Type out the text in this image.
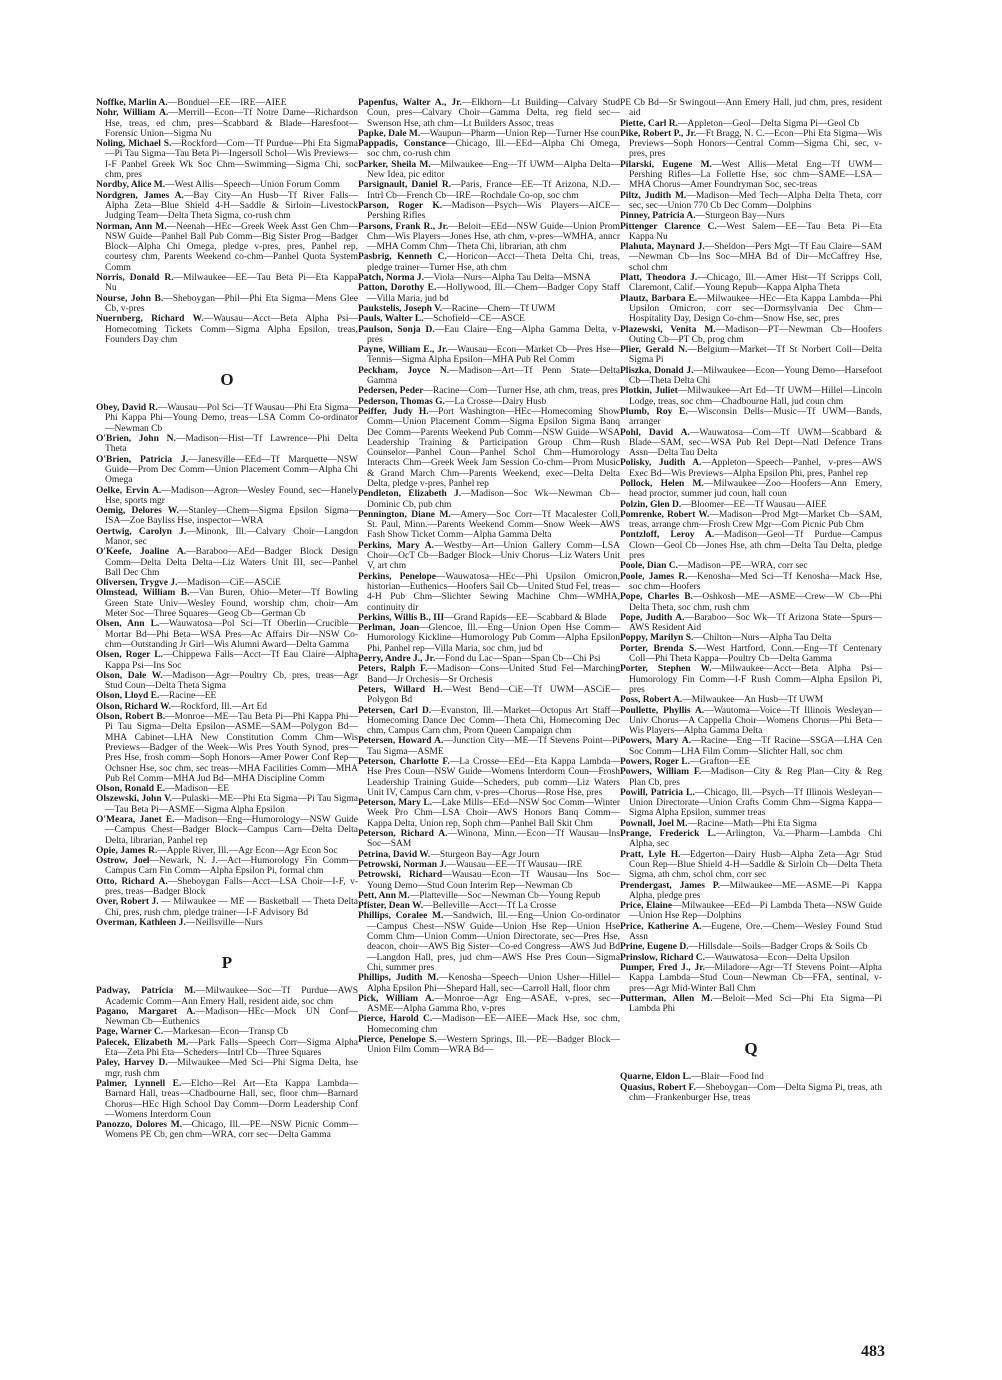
Noffke, Marlin A.—Bonduel—EE—IRE—AIEE

Nohr, William A.—Merrill—Econ—Tf Notre Dame—Richardson Hse, treas, ed chm, pres—Scabbard & Blade—Haresfoot—Forensic Union—Sigma Nu

Noling, Michael S.—Rockford—Com—Tf Purdue—Phi Eta Sigma—Pi Tau Sigma—Tau Beta Pi—Ingersoll Schol—Wis Previews—I-F Panhel Greek Wk Soc Chm—Swimming—Sigma Chi, soc chm, pres

Nordby, Alice M.—West Allis—Speech—Union Forum Comm

Nordgren, James A.—Bay City—An Husb—Tf River Falls—Alpha Zeta—Blue Shield 4-H—Saddle & Sirloin—Livestock Judging Team—Delta Theta Sigma, co-rush chm

Norman, Ann M.—Neenah—HEc—Greek Week Asst Gen Chm—NSW Guide—Panhel Ball Pub Comm—Big Sister Prog—Badger Block—Alpha Chi Omega, pledge v-pres, pres, Panhel rep, courtesy chm, Parents Weekend co-chm—Panhel Quota System Comm

Norris, Donald R.—Milwaukee—EE—Tau Beta Pi—Eta Kappa Nu

Nourse, John B.—Sheboygan—Phil—Phi Eta Sigma—Mens Glee Cb, v-pres

Nuernberg, Richard W.—Wausau—Acct—Beta Alpha Psi—Homecoming Tickets Comm—Sigma Alpha Epsilon, treas, Founders Day chm

O

Obey, David R.—Wausau—Pol Sci—Tf Wausau—Phi Eta Sigma—Phi Kappa Phi—Young Demo, treas—LSA Comm Co-ordinator—Newman Cb

O'Brien, John N.—Madison—Hist—Tf Lawrence—Phi Delta Theta

O'Brien, Patricia J.—Janesville—EEd—Tf Marquette—NSW Guide—Prom Dec Comm—Union Placement Comm—Alpha Chi Omega

Oelke, Ervin A.—Madison—Agron—Wesley Found, sec—Hanely Hse, sports mgr

Oemig, Delores W.—Stanley—Chem—Sigma Epsilon Sigma—ISA—Zoe Bayliss Hse, inspector—WRA

Oertwig, Carolyn J.—Minonk, Ill.—Calvary Choir—Langdon Manor, sec

O'Keefe, Joaline A.—Baraboo—AEd—Badger Block Design Comm—Delta Delta Delta—Liz Waters Unit III, sec—Panhel Ball Dec Chm

Oliversen, Trygve J.—Madison—CiE—ASCiE

Olmstead, William B.—Van Buren, Ohio—Meter—Tf Bowling Green State Univ—Wesley Found, worship chm, choir—Am Meter Soc—Three Squares—Geog Cb—German Cb

Olsen, Ann L.—Wauwatosa—Pol Sci—Tf Oberlin—Crucible—Mortar Bd—Phi Beta—WSA Pres—Ac Affairs Dir—NSW Co-chm—Outstanding Jr Girl—Wis Alumni Award—Delta Gamma

Olsen, Roger L.—Chippewa Falls—Acct—Tf Eau Claire—Alpha Kappa Psi—Ins Soc

Olson, Dale W.—Madison—Agr—Poultry Cb, pres, treas—Agr Stud Coun—Delta Theta Sigma

Olson, Lloyd E.—Racine—EE

Olson, Richard W.—Rockford, Ill.—Art Ed

Olson, Robert B.—Monroe—ME—Tau Beta Pi—Phi Kappa Phi—Pi Tau Sigma—Delta Epsilon—ASME—SAM—Polygon Bd—MHA Cabinet—LHA New Constitution Comm Chm—Wis Previews—Badger of the Week—Wis Pres Youth Synod, pres—Pres Hse, frosh comm—Soph Honors—Amer Power Conf Rep—Ochsner Hse, soc chm, sec treas—MHA Facilities Comm—MHA Pub Rel Comm—MHA Jud Bd—MHA Discipline Comm

Olson, Ronald E.—Madison—EE

Olszewski, John V.—Pulaski—ME—Phi Eta Sigma—Pi Tau Sigma—Tau Beta Pi—ASME—Sigma Alpha Epsilon

O'Meara, Janet E.—Madison—Eng—Humorology—NSW Guide—Campus Chest—Badger Block—Campus Carn—Delta Delta Delta, librarian, Panhel rep

Opie, James R.—Apple River, Ill.—Agr Econ—Agr Econ Soc

Ostrow, Joel—Newark, N. J.—Act—Humorology Fin Comm—Campus Carn Fin Comm—Alpha Epsilon Pi, formal chm

Otto, Richard A.—Sheboygan Falls—Acct—LSA Choir—I-F, v-pres, treas—Badger Block

Over, Robert J. — Milwaukee — ME — Basketball — Theta Delta Chi, pres, rush chm, pledge trainer—I-F Advisory Bd

Overman, Kathleen J.—Neillsville—Nurs

P

Padway, Patricia M.—Milwaukee—Soc—Tf Purdue—AWS Academic Comm—Ann Emery Hall, resident aide, soc chm

Pagano, Margaret A.—Madison—HEc—Mock UN Conf—Newman Cb—Euthenics

Page, Warner C.—Markesan—Econ—Transp Cb

Palecek, Elizabeth M.—Park Falls—Speech Corr—Sigma Alpha Eta—Zeta Phi Eta—Scheders—Intrl Cb—Three Squares

Paley, Harvey D.—Milwaukee—Med Sci—Phi Sigma Delta, hse mgr, rush chm

Palmer, Lynnell E.—Elcho—Rel Art—Eta Kappa Lambda—Barnard Hall, treas—Chadbourne Hall, sec, floor chm—Barnard Chorus—HEc High School Day Comm—Dorm Leadership Conf—Womens Interdorm Coun

Panozzo, Dolores M.—Chicago, Ill.—PE—NSW Picnic Comm—Womens PE Cb, gen chm—WRA, corr sec—Delta Gamma

Papenfus, Walter A., Jr.—Elkhorn—Lt Building—Calvary Stud Coun, pres—Calvary Choir—Gamma Delta, reg field sec—Swenson Hse, ath chm—Lt Builders Assoc, treas

Papke, Dale M.—Waupun—Pharm—Union Rep—Turner Hse coun

Pappadis, Constance—Chicago, Ill.—EEd—Alpha Chi Omega, soc chm, co-rush chm

Parker, Sheila M.—Milwaukee—Eng—Tf UWM—Alpha Delta—New Idea, pic editor

Parsignault, Daniel R.—Paris, France—EE—Tf Arizona, N.D.—Intrl Cb—French Cb—IRE—Rochdale Co-op, soc chm

Parson, Roger K.—Madison—Psych—Wis Players—AICE—Pershing Rifles

Parsons, Frank R., Jr.—Beloit—EEd—NSW Guide—Union Prom Chm—Wis Players—Jones Hse, ath chm, v-pres—WMHA, anncr—MHA Comm Chm—Theta Chi, librarian, ath chm

Pasbrig, Kenneth C.—Horicon—Acct—Theta Delta Chi, treas, pledge trainer—Turner Hse, ath chm

Patch, Norma J.—Viola—Nurs—Alpha Tau Delta—MSNA

Patton, Dorothy E.—Hollywood, Ill.—Chem—Badger Copy Staff—Villa Maria, jud bd

Paukstelis, Joseph V.—Racine—Chem—Tf UWM

Pauls, Walter L.—Schofield—CE—ASCE

Paulson, Sonja D.—Eau Claire—Eng—Alpha Gamma Delta, v-pres

Payne, William E., Jr.—Wausau—Econ—Market Cb—Pres Hse—Tennis—Sigma Alpha Epsilon—MHA Pub Rel Comm

Peckham, Joyce N.—Madison—Art—Tf Penn State—Delta Gamma

Pedersen, Peder—Racine—Com—Turner Hse, ath chm, treas, pres

Pederson, Thomas G.—La Crosse—Dairy Husb

Peiffer, Judy H.—Port Washington—HEc—Homecoming Show Comm—Union Placement Comm—Sigma Epsilon Sigma Banq Dec Comm—Parents Weekend Pub Comm—NSW Guide—WSA Leadership Training & Participation Group Chm—Rush Counselor—Panhel Coun—Panhel Schol Chm—Humorology Interacts Chm—Greek Week Jam Session Co-chm—Prom Music & Grand March Chm—Parents Weekend, exec—Delta Delta Delta, pledge v-pres, Panhel rep

Pendleton, Elizabeth J.—Madison—Soc Wk—Newman Cb—Dominic Cb, pub chm

Pennington, Diane M.—Amery—Soc Corr—Tf Macalester Coll, St. Paul, Minn.—Parents Weekend Comm—Snow Week—AWS Fash Show Ticket Comm—Alpha Gamma Delta

Perkins, Mary A.—Westby—Art—Union Gallery Comm—LSA Choir—OcT Cb—Badger Block—Univ Chorus—Liz Waters Unit V, art chm

Perkins, Penelope—Wauwatosa—HEc—Phi Upsilon Omicron, historian—Euthenics—Hoofers Sail Cb—United Stud Fel, treas—4-H Pub Chm—Slichter Sewing Machine Chm—WMHA, continuity dir

Perkins, Willis B., III—Grand Rapids—EE—Scabbard & Blade

Perlman, Joan—Glencoe, Ill.—Eng—Union Open Hse Comm—Humorology Kickline—Humorology Pub Comm—Alpha Epsilon Phi, Panhel rep—Villa Maria, soc chm, jud bd

Perry, Andre J., Jr.—Fond du Lac—Span—Span Cb—Chi Psi

Peters, Ralph F.—Madison—Cons—United Stud Fel—Marching Band—Jr Orchesis—Sr Orchesis

Peters, Willard H.—West Bend—CiE—Tf UWM—ASCiE—Polygon Bd

Petersen, Carl D.—Evanston, Ill.—Market—Octopus Art Staff—Homecoming Dance Dec Comm—Theta Chi, Homecoming Dec chm, Campus Carn chm, Prom Queen Campaign chm

Petersen, Howard A.—Junction City—ME—Tf Stevens Point—Pi Tau Sigma—ASME

Peterson, Charlotte F.—La Crosse—EEd—Eta Kappa Lambda—Hse Pres Coun—NSW Guide—Womens Interdorm Coun—Frosh Leadership Training Guide—Scheders, pub comm—Liz Waters Unit IV, Campus Carn chm, v-pres—Chorus—Rose Hse, pres

Peterson, Mary L.—Lake Mills—EEd—NSW Soc Comm—Winter Week Pro Chm—LSA Choir—AWS Honors Banq Comm—Kappa Delta, Union rep, Soph chm—Panhel Ball Skit Chm

Peterson, Richard A.—Winona, Minn.—Econ—Tf Wausau—Ins Soc—SAM

Petrina, David W.—Sturgeon Bay—Agr Journ

Petrowski, Norman J.—Wausau—EE—Tf Wausau—IRE

Petrowski, Richard—Wausau—Econ—Tf Wausau—Ins Soc—Young Demo—Stud Coun Interim Rep—Newman Cb

Pett, Ann M.—Platteville—Soc—Newman Cb—Young Repub

Pfister, Dean W.—Belleville—Acct—Tf La Crosse

Phillips, Coralee M.—Sandwich, Ill.—Eng—Union Co-ordinator—Campus Chest—NSW Guide—Union Hse Rep—Union Hse Comm Chm—Union Comm—Union Directorate, sec—Pres Hse, deacon, choir—AWS Big Sister—Co-ed Congress—AWS Jud Bd—Langdon Hall, pres, jud chm—AWS Hse Pres Coun—Sigma Chi, summer pres

Phillips, Judith M.—Kenosha—Speech—Union Usher—Hillel—Alpha Epsilon Phi—Shepard Hall, sec—Carroll Hall, floor chm

Pick, William A.—Monroe—Agr Eng—ASAE, v-pres, sec—ASME—Alpha Gamma Rho, v-pres

Pierce, Harold C.—Madison—EE—AIEE—Mack Hse, soc chm, Homecoming chm

Pierce, Penelope S.—Western Springs, Ill.—PE—Badger Block—Union Film Comm—WRA Bd—

PE Cb Bd—Sr Swingout—Ann Emery Hall, jud chm, pres, resident aid

Piette, Carl R.—Appleton—Geol—Delta Sigma Pi—Geol Cb

Pike, Robert P., Jr.—Ft Bragg, N. C.—Econ—Phi Eta Sigma—Wis Previews—Soph Honors—Central Comm—Sigma Chi, sec, v-pres, pres

Pilarski, Eugene M.—West Allis—Metal Eng—Tf UWM—Pershing Rifles—La Follette Hse, soc chm—SAME—LSA—MHA Chorus—Amer Foundryman Soc, sec-treas

Piltz, Judith M.—Madison—Med Tech—Alpha Delta Theta, corr sec, sec—Union 770 Cb Dec Comm—Dolphins

Pinney, Patricia A.—Sturgeon Bay—Nurs

Pittenger Clarence C.—West Salem—EE—Tau Beta Pi—Eta Kappa Nu

Plahuta, Maynard J.—Sheldon—Pers Mgt—Tf Eau Claire—SAM—Newman Cb—Ins Soc—MHA Bd of Dir—McCaffrey Hse, schol chm

Platt, Theodora J.—Chicago, Ill.—Amer Hist—Tf Scripps Coll, Claremont, Calif.—Young Repub—Kappa Alpha Theta

Plautz, Barbara E.—Milwaukee—HEc—Eta Kappa Lambda—Phi Upsilon Omicron, corr sec—Dormsylvania Dec Chm—Hospitality Day, Design Co-chm—Snow Hse, sec, pres

Plazewski, Venita M.—Madison—PT—Newman Cb—Hoofers Outing Cb—PT Cb, prog chm

Plier, Gerald N.—Belgium—Market—Tf St Norbert Coll—Delta Sigma Pi

Pliszka, Donald J.—Milwaukee—Econ—Young Demo—Harsefoot Cb—Theta Delta Chi

Plotkin, Juliet—Milwaukee—Art Ed—Tf UWM—Hillel—Lincoln Lodge, treas, soc chm—Chadbourne Hall, jud coun chm

Plumb, Roy E.—Wisconsin Dells—Music—Tf UWM—Bands, arranger

Pohl, David A.—Wauwatosa—Com—Tf UWM—Scabbard & Blade—SAM, sec—WSA Pub Rel Dept—Natl Defence Trans Assn—Delta Tau Delta

Polisky, Judith A.—Appleton—Speech—Panhel, v-pres—AWS Exec Bd—Wis Previews—Alpha Epsilon Phi, pres, Panhel rep

Pollock, Helen M.—Milwaukee—Zoo—Hoofers—Ann Emery, head proctor, summer jud coun, hall coun

Polzin, Glen D.—Bloomer—EE—Tf Wausau—AIEE

Pomrenke, Robert W.—Madison—Prod Mgt—Market Cb—SAM, treas, arrange chm—Frosh Crew Mgr—Com Picnic Pub Chm

Pontzloff, Leroy A.—Madison—Geol—Tf Purdue—Campus Clown—Geol Cb—Jones Hse, ath chm—Delta Tau Delta, pledge pres

Poole, Dian C.—Madison—PE—WRA, corr sec

Poole, James R.—Kenosha—Med Sci—Tf Kenosha—Mack Hse, soc chm—Hoofers

Pope, Charles B.—Oshkosh—ME—ASME—Crew—W Cb—Phi Delta Theta, soc chm, rush chm

Pope, Judith A.—Baraboo—Soc Wk—Tf Arizona State—Spurs—AWS Resident Aid

Poppy, Marilyn S.—Chilton—Nurs—Alpha Tau Delta

Porter, Brenda S.—West Hartford, Conn.—Eng—Tf Centenary Coll—Phi Theta Kappa—Poultry Cb—Delta Gamma

Porter, Stephen W.—Milwaukee—Acct—Beta Alpha Psi—Humorology Fin Comm—I-F Rush Comm—Alpha Epsilon Pi, pres

Poss, Robert A.—Milwaukee—An Husb—Tf UWM

Poullette, Phyllis A.—Wautoma—Voice—Tf Illinois Wesleyan—Univ Chorus—A Cappella Choir—Womens Chorus—Phi Beta—Wis Players—Alpha Gamma Delta

Powers, Mary A.—Racine—Eng—Tf Racine—SSGA—LHA Cen Soc Comm—LHA Film Comm—Slichter Hall, soc chm

Powers, Roger L.—Grafton—EE

Powers, William F.—Madison—City & Reg Plan—City & Reg Plan Cb, pres

Powill, Patricia L.—Chicago, Ill.—Psych—Tf Illinois Wesleyan—Union Directorate—Union Crafts Comm Chm—Sigma Kappa—Sigma Alpha Epsilon, summer treas

Pownall, Joel M.—Racine—Math—Phi Eta Sigma

Prange, Frederick L.—Arlington, Va.—Pharm—Lambda Chi Alpha, sec

Pratt, Lyle H.—Edgerton—Dairy Husb—Alpha Zeta—Agr Stud Coun Rep—Blue Shield 4-H—Saddle & Sirloin Cb—Delta Theta Sigma, ath chm, schol chm, corr sec

Prendergast, James P.—Milwaukee—ME—ASME—Pi Kappa Alpha, pledge pres

Price, Elaine—Milwaukee—EEd—Pi Lambda Theta—NSW Guide—Union Hse Rep—Dolphins

Price, Katherine A.—Eugene, Ore.—Chem—Wesley Found Stud Assn

Prine, Eugene D.—Hillsdale—Soils—Badger Crops & Soils Cb

Prinslow, Richard C.—Wauwatosa—Econ—Delta Upsilon

Pumper, Fred J., Jr.—Miladore—Agr—Tf Stevens Point—Alpha Kappa Lambda—Stud Coun—Newman Cb—FFA, sentinal, v-pres—Agr Mid-Winter Ball Chm

Putterman, Allen M.—Beloit—Med Sci—Phi Eta Sigma—Pi Lambda Phi

Q

Quarne, Eldon L.—Blair—Food Ind

Quasius, Robert F.—Sheboygan—Com—Delta Sigma Pi, treas, ath chm—Frankenburger Hse, treas

483
